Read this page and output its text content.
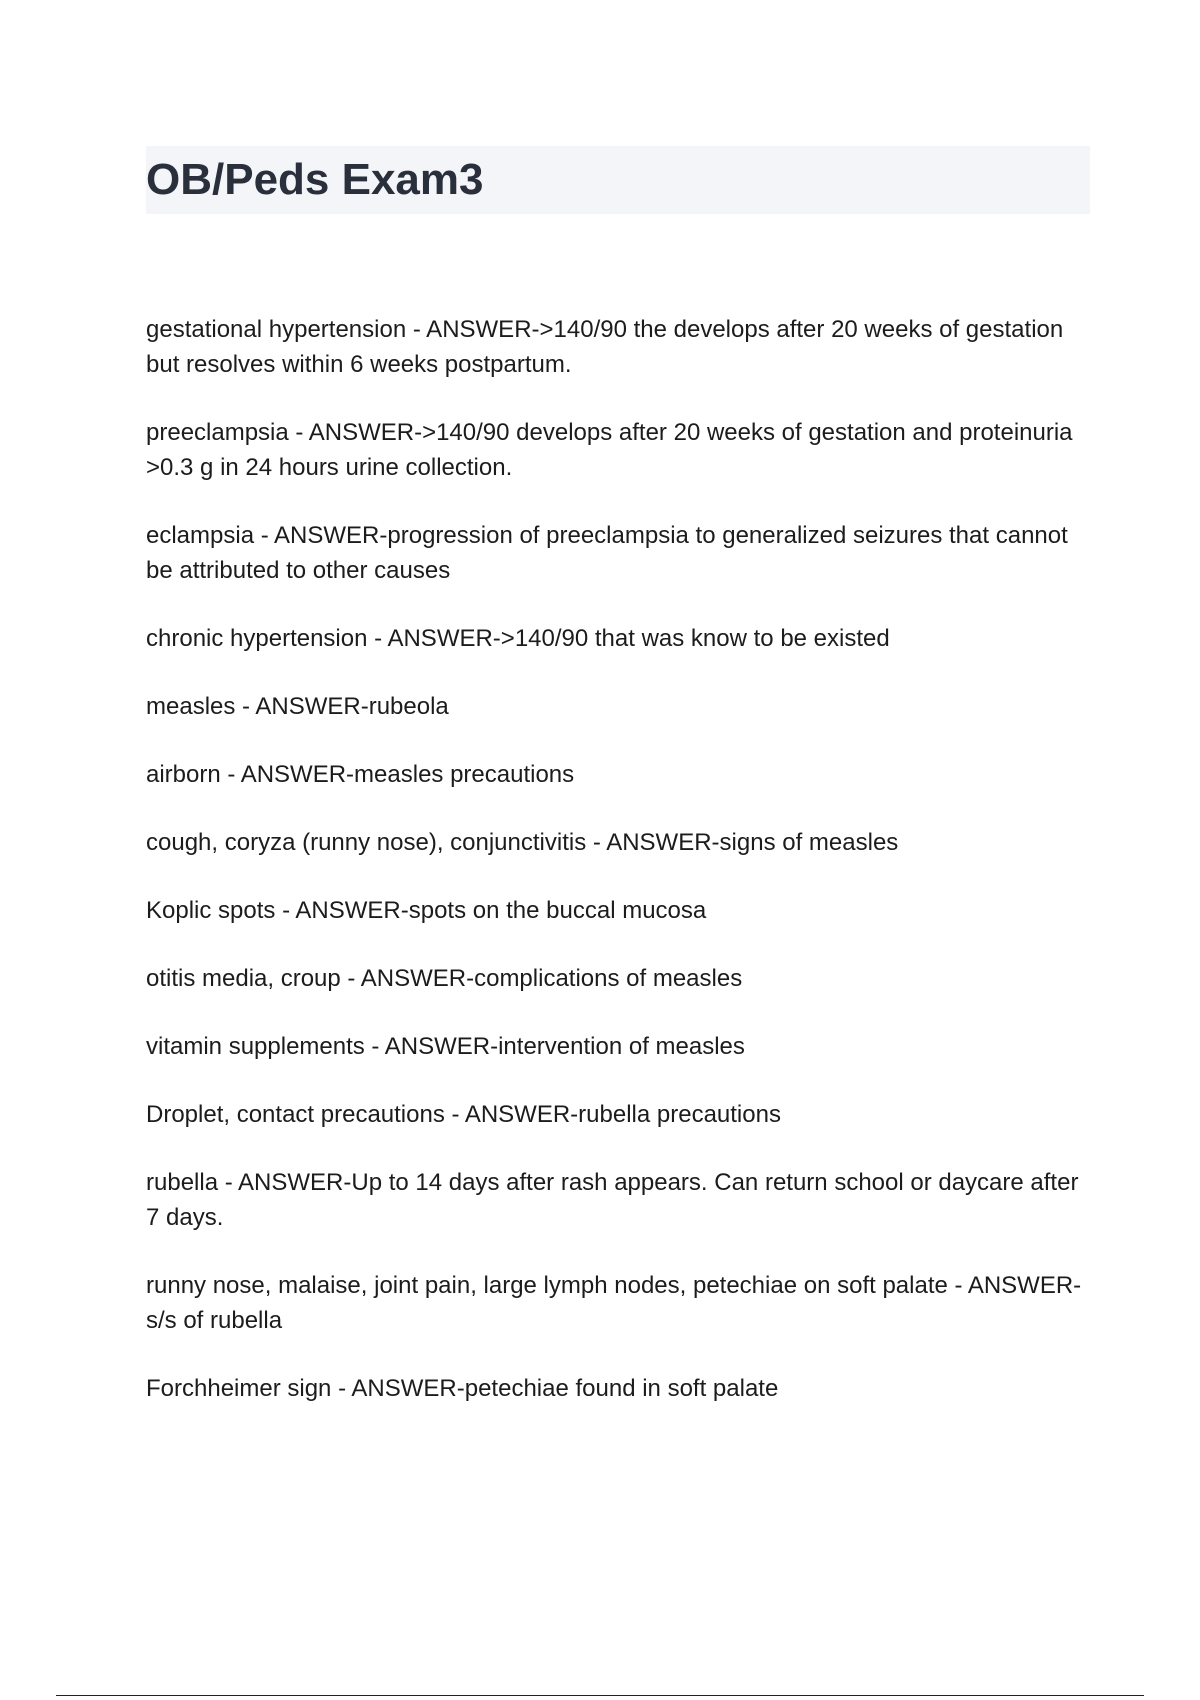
OB/Peds Exam3

gestational hypertension - ANSWER->140/90 the develops after 20 weeks of gestation but resolves within 6 weeks postpartum.

preeclampsia - ANSWER->140/90 develops after 20 weeks of gestation and proteinuria >0.3 g in 24 hours urine collection.

eclampsia - ANSWER-progression of preeclampsia to generalized seizures that cannot be attributed to other causes

chronic hypertension - ANSWER->140/90 that was know to be existed

measles - ANSWER-rubeola

airborn - ANSWER-measles precautions

cough, coryza (runny nose), conjunctivitis - ANSWER-signs of measles

Koplic spots - ANSWER-spots on the buccal mucosa

otitis media, croup - ANSWER-complications of measles

vitamin supplements - ANSWER-intervention of measles

Droplet, contact precautions - ANSWER-rubella precautions

rubella - ANSWER-Up to 14 days after rash appears. Can return school or daycare after 7 days.

runny nose, malaise, joint pain, large lymph nodes, petechiae on soft palate - ANSWER-s/s of rubella

Forchheimer sign - ANSWER-petechiae found in soft palate
